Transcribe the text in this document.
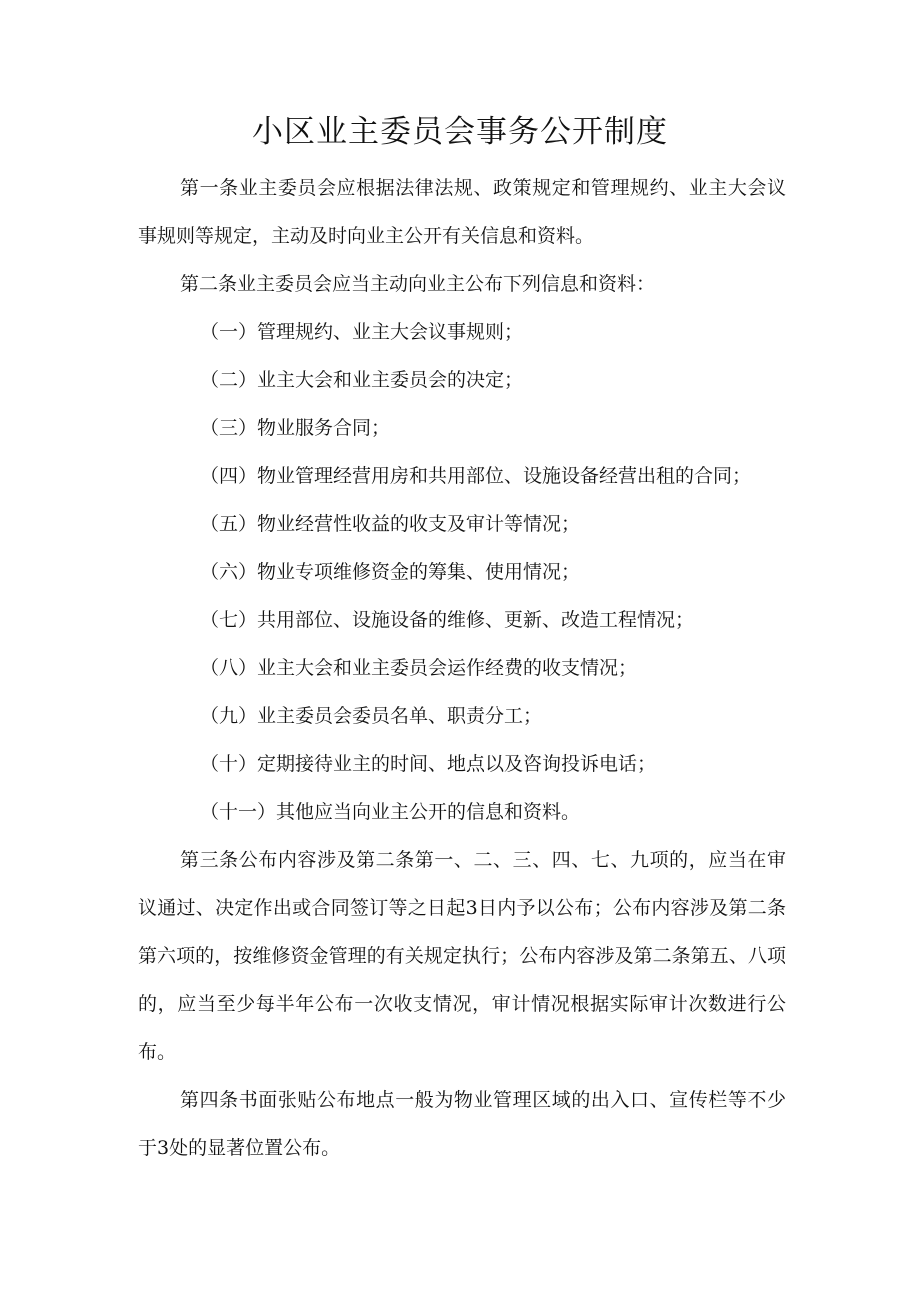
小区业主委员会事务公开制度

第一条业主委员会应根据法律法规、政策规定和管理规约、业主大会议事规则等规定，主动及时向业主公开有关信息和资料。

第二条业主委员会应当主动向业主公布下列信息和资料：

（一）管理规约、业主大会议事规则；

（二）业主大会和业主委员会的决定；

（三）物业服务合同；

（四）物业管理经营用房和共用部位、设施设备经营出租的合同；

（五）物业经营性收益的收支及审计等情况；

（六）物业专项维修资金的筹集、使用情况；

（七）共用部位、设施设备的维修、更新、改造工程情况；

（八）业主大会和业主委员会运作经费的收支情况；

（九）业主委员会委员名单、职责分工；

（十）定期接待业主的时间、地点以及咨询投诉电话；

（十一）其他应当向业主公开的信息和资料。

第三条公布内容涉及第二条第一、二、三、四、七、九项的，应当在审议通过、决定作出或合同签订等之日起3日内予以公布；公布内容涉及第二条第六项的，按维修资金管理的有关规定执行；公布内容涉及第二条第五、八项的，应当至少每半年公布一次收支情况，审计情况根据实际审计次数进行公布。

第四条书面张贴公布地点一般为物业管理区域的出入口、宣传栏等不少于3处的显著位置公布。
